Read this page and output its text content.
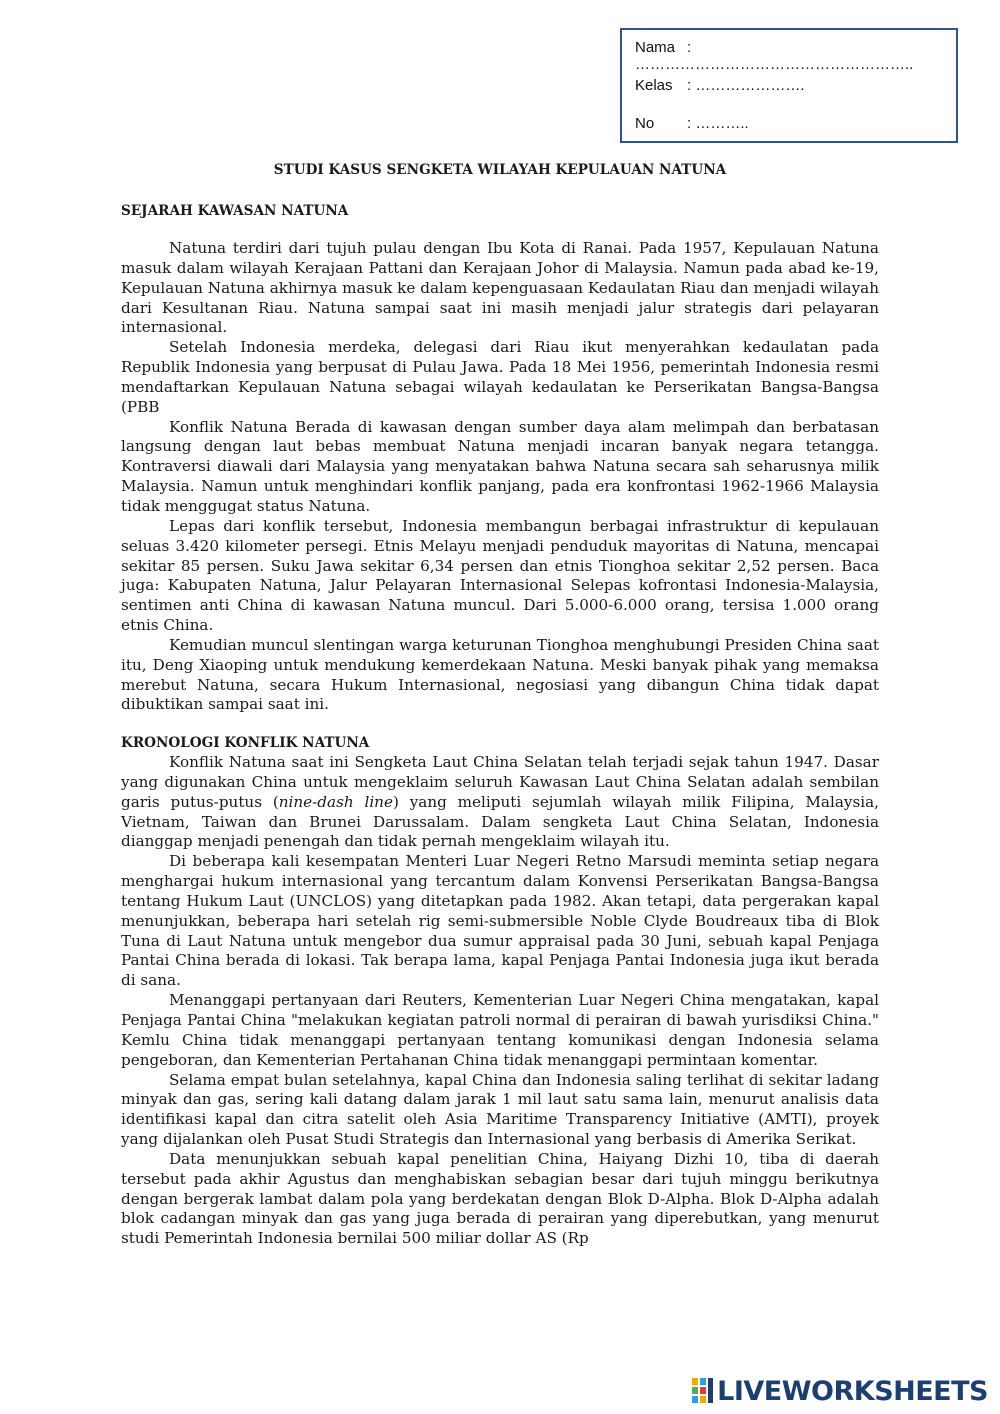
Nama : ………………………………………………..
Kelas : ………………….
No : ………..
STUDI KASUS SENGKETA WILAYAH KEPULAUAN NATUNA
SEJARAH KAWASAN NATUNA

Natuna terdiri dari tujuh pulau dengan Ibu Kota di Ranai. Pada 1957, Kepulauan Natuna masuk dalam wilayah Kerajaan Pattani dan Kerajaan Johor di Malaysia. Namun pada abad ke-19, Kepulauan Natuna akhirnya masuk ke dalam kepenguasaan Kedaulatan Riau dan menjadi wilayah dari Kesultanan Riau. Natuna sampai saat ini masih menjadi jalur strategis dari pelayaran internasional.

Setelah Indonesia merdeka, delegasi dari Riau ikut menyerahkan kedaulatan pada Republik Indonesia yang berpusat di Pulau Jawa. Pada 18 Mei 1956, pemerintah Indonesia resmi mendaftarkan Kepulauan Natuna sebagai wilayah kedaulatan ke Perserikatan Bangsa-Bangsa (PBB

Konflik Natuna Berada di kawasan dengan sumber daya alam melimpah dan berbatasan langsung dengan laut bebas membuat Natuna menjadi incaran banyak negara tetangga. Kontraversi diawali dari Malaysia yang menyatakan bahwa Natuna secara sah seharusnya milik Malaysia. Namun untuk menghindari konflik panjang, pada era konfrontasi 1962-1966 Malaysia tidak menggugat status Natuna.

Lepas dari konflik tersebut, Indonesia membangun berbagai infrastruktur di kepulauan seluas 3.420 kilometer persegi. Etnis Melayu menjadi penduduk mayoritas di Natuna, mencapai sekitar 85 persen. Suku Jawa sekitar 6,34 persen dan etnis Tionghoa sekitar 2,52 persen. Baca juga: Kabupaten Natuna, Jalur Pelayaran Internasional Selepas kofrontasi Indonesia-Malaysia, sentimen anti China di kawasan Natuna muncul. Dari 5.000-6.000 orang, tersisa 1.000 orang etnis China.

Kemudian muncul slentingan warga keturunan Tionghoa menghubungi Presiden China saat itu, Deng Xiaoping untuk mendukung kemerdekaan Natuna. Meski banyak pihak yang memaksa merebut Natuna, secara Hukum Internasional, negosiasi yang dibangun China tidak dapat dibuktikan sampai saat ini.

KRONOLOGI KONFLIK NATUNA

Konflik Natuna saat ini Sengketa Laut China Selatan telah terjadi sejak tahun 1947. Dasar yang digunakan China untuk mengeklaim seluruh Kawasan Laut China Selatan adalah sembilan garis putus-putus (nine-dash line) yang meliputi sejumlah wilayah milik Filipina, Malaysia, Vietnam, Taiwan dan Brunei Darussalam. Dalam sengketa Laut China Selatan, Indonesia dianggap menjadi penengah dan tidak pernah mengeklaim wilayah itu.

Di beberapa kali kesempatan Menteri Luar Negeri Retno Marsudi meminta setiap negara menghargai hukum internasional yang tercantum dalam Konvensi Perserikatan Bangsa-Bangsa tentang Hukum Laut (UNCLOS) yang ditetapkan pada 1982. Akan tetapi, data pergerakan kapal menunjukkan, beberapa hari setelah rig semi-submersible Noble Clyde Boudreaux tiba di Blok Tuna di Laut Natuna untuk mengebor dua sumur appraisal pada 30 Juni, sebuah kapal Penjaga Pantai China berada di lokasi. Tak berapa lama, kapal Penjaga Pantai Indonesia juga ikut berada di sana.

Menanggapi pertanyaan dari Reuters, Kementerian Luar Negeri China mengatakan, kapal Penjaga Pantai China "melakukan kegiatan patroli normal di perairan di bawah yurisdiksi China." Kemlu China tidak menanggapi pertanyaan tentang komunikasi dengan Indonesia selama pengeboran, dan Kementerian Pertahanan China tidak menanggapi permintaan komentar.

Selama empat bulan setelahnya, kapal China dan Indonesia saling terlihat di sekitar ladang minyak dan gas, sering kali datang dalam jarak 1 mil laut satu sama lain, menurut analisis data identifikasi kapal dan citra satelit oleh Asia Maritime Transparency Initiative (AMTI), proyek yang dijalankan oleh Pusat Studi Strategis dan Internasional yang berbasis di Amerika Serikat.

Data menunjukkan sebuah kapal penelitian China, Haiyang Dizhi 10, tiba di daerah tersebut pada akhir Agustus dan menghabiskan sebagian besar dari tujuh minggu berikutnya dengan bergerak lambat dalam pola yang berdekatan dengan Blok D-Alpha. Blok D-Alpha adalah blok cadangan minyak dan gas yang juga berada di perairan yang diperebutkan, yang menurut studi Pemerintah Indonesia bernilai 500 miliar dollar AS (Rp

LIVEWORKSHEETS
